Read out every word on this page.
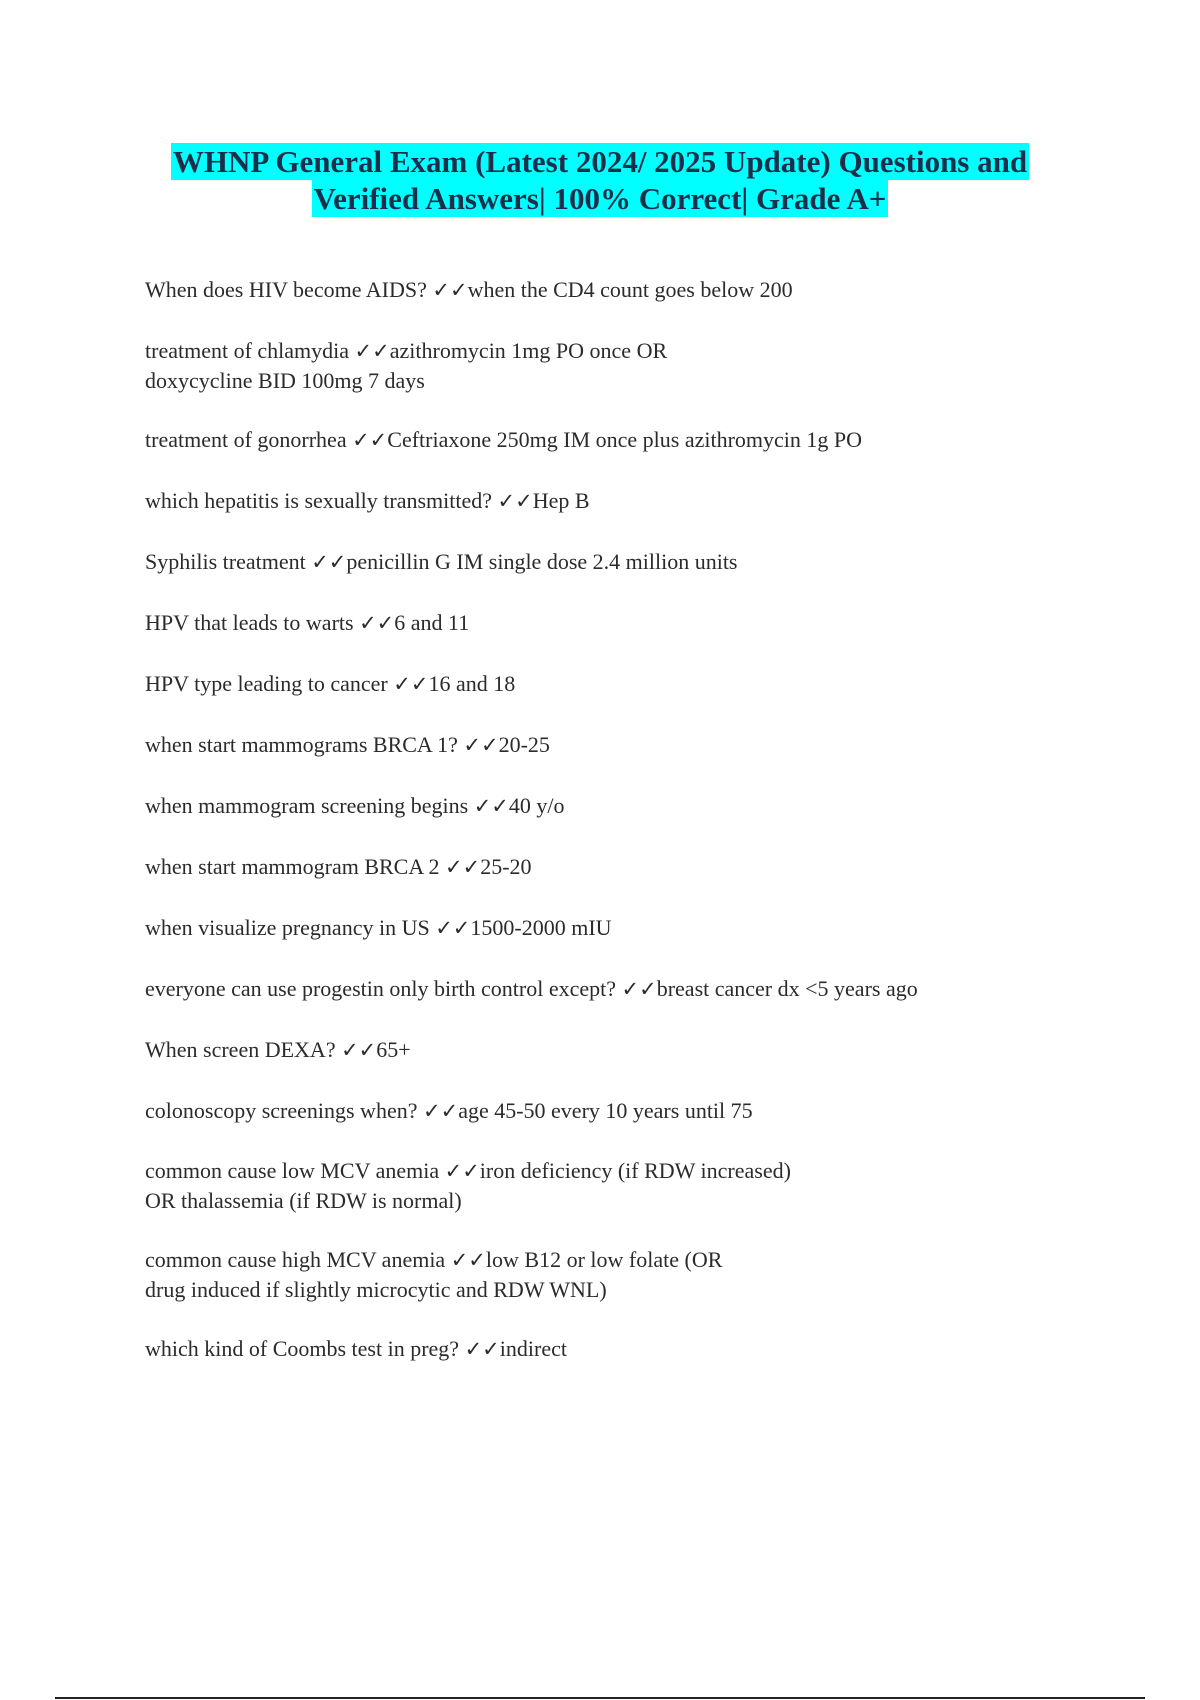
WHNP General Exam (Latest 2024/ 2025 Update) Questions and
Verified Answers| 100% Correct| Grade A+

When does HIV become AIDS? ✓✓when the CD4 count goes below 200

treatment of chlamydia ✓✓azithromycin 1mg PO once OR
doxycycline BID 100mg 7 days

treatment of gonorrhea ✓✓Ceftriaxone 250mg IM once plus azithromycin 1g PO

which hepatitis is sexually transmitted? ✓✓Hep B

Syphilis treatment ✓✓penicillin G IM single dose 2.4 million units

HPV that leads to warts ✓✓6 and 11

HPV type leading to cancer ✓✓16 and 18

when start mammograms BRCA 1? ✓✓20-25

when mammogram screening begins ✓✓40 y/o

when start mammogram BRCA 2 ✓✓25-20

when visualize pregnancy in US ✓✓1500-2000 mIU

everyone can use progestin only birth control except? ✓✓breast cancer dx <5 years ago

When screen DEXA? ✓✓65+

colonoscopy screenings when? ✓✓age 45-50 every 10 years until 75

common cause low MCV anemia ✓✓iron deficiency (if RDW increased)
OR thalassemia (if RDW is normal)

common cause high MCV anemia ✓✓low B12 or low folate (OR
drug induced if slightly microcytic and RDW WNL)

which kind of Coombs test in preg? ✓✓indirect
